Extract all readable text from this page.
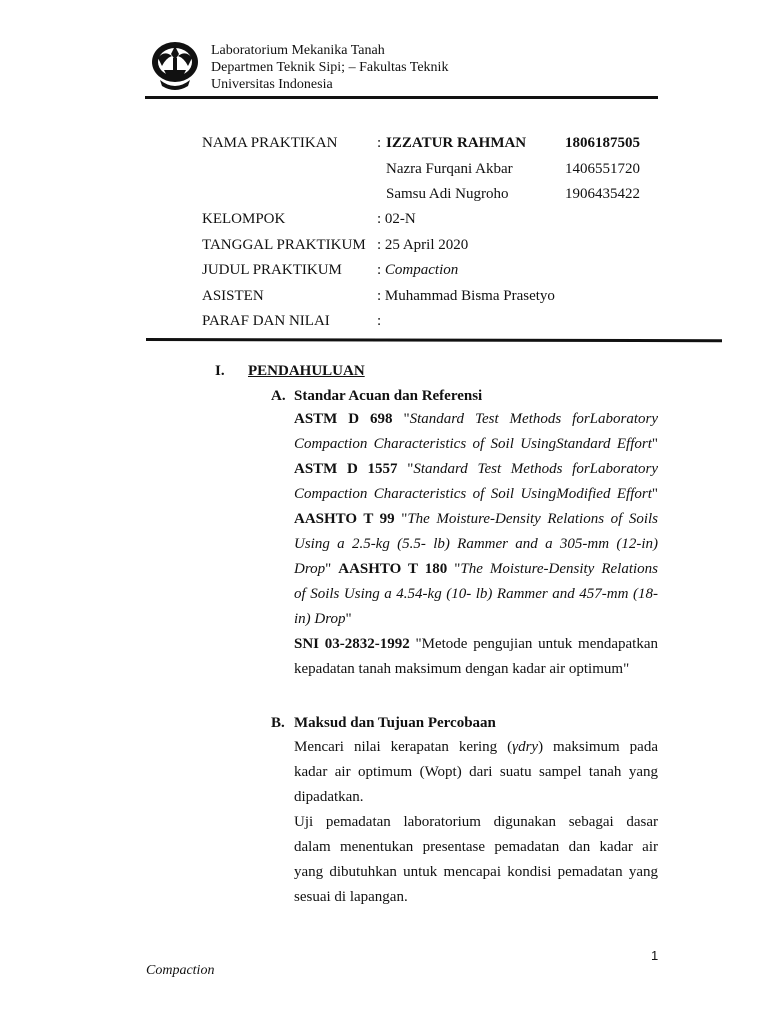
Laboratorium Mekanika Tanah
Departmen Teknik Sipi; – Fakultas Teknik
Universitas Indonesia
NAMA PRAKTIKAN	: IZZATUR RAHMAN	1806187505
Nazra Furqani Akbar	1406551720
Samsu Adi Nugroho	1906435422
KELOMPOK	: 02-N
TANGGAL PRAKTIKUM : 25 April 2020
JUDUL PRAKTIKUM : Compaction
ASISTEN	: Muhammad Bisma Prasetyo
PARAF DAN NILAI	:
I. PENDAHULUAN
A. Standar Acuan dan Referensi
ASTM D 698 "Standard Test Methods forLaboratory
Compaction Characteristics of Soil UsingStandard Effort"
ASTM D 1557 "Standard Test Methods forLaboratory
Compaction Characteristics of Soil UsingModified Effort"
AASHTO T 99 "The Moisture-Density Relations of Soils
Using a 2.5-kg (5.5- lb) Rammer and a 305-mm (12-in)
Drop" AASHTO T 180 "The Moisture-Density Relations
of Soils Using a 4.54-kg (10- lb) Rammer and 457-mm (18-
in) Drop"
SNI 03-2832-1992 "Metode pengujian untuk mendapatkan
kepadatan tanah maksimum dengan kadar air optimum"
B. Maksud dan Tujuan Percobaan
Mencari nilai kerapatan kering (γdry) maksimum pada
kadar air optimum (Wopt) dari suatu sampel tanah yang
dipadatkan.
Uji pemadatan laboratorium digunakan sebagai dasar
dalam menentukan presentase pemadatan dan kadar air
yang dibutuhkan untuk mencapai kondisi pemadatan yang
sesuai di lapangan.
1
Compaction
